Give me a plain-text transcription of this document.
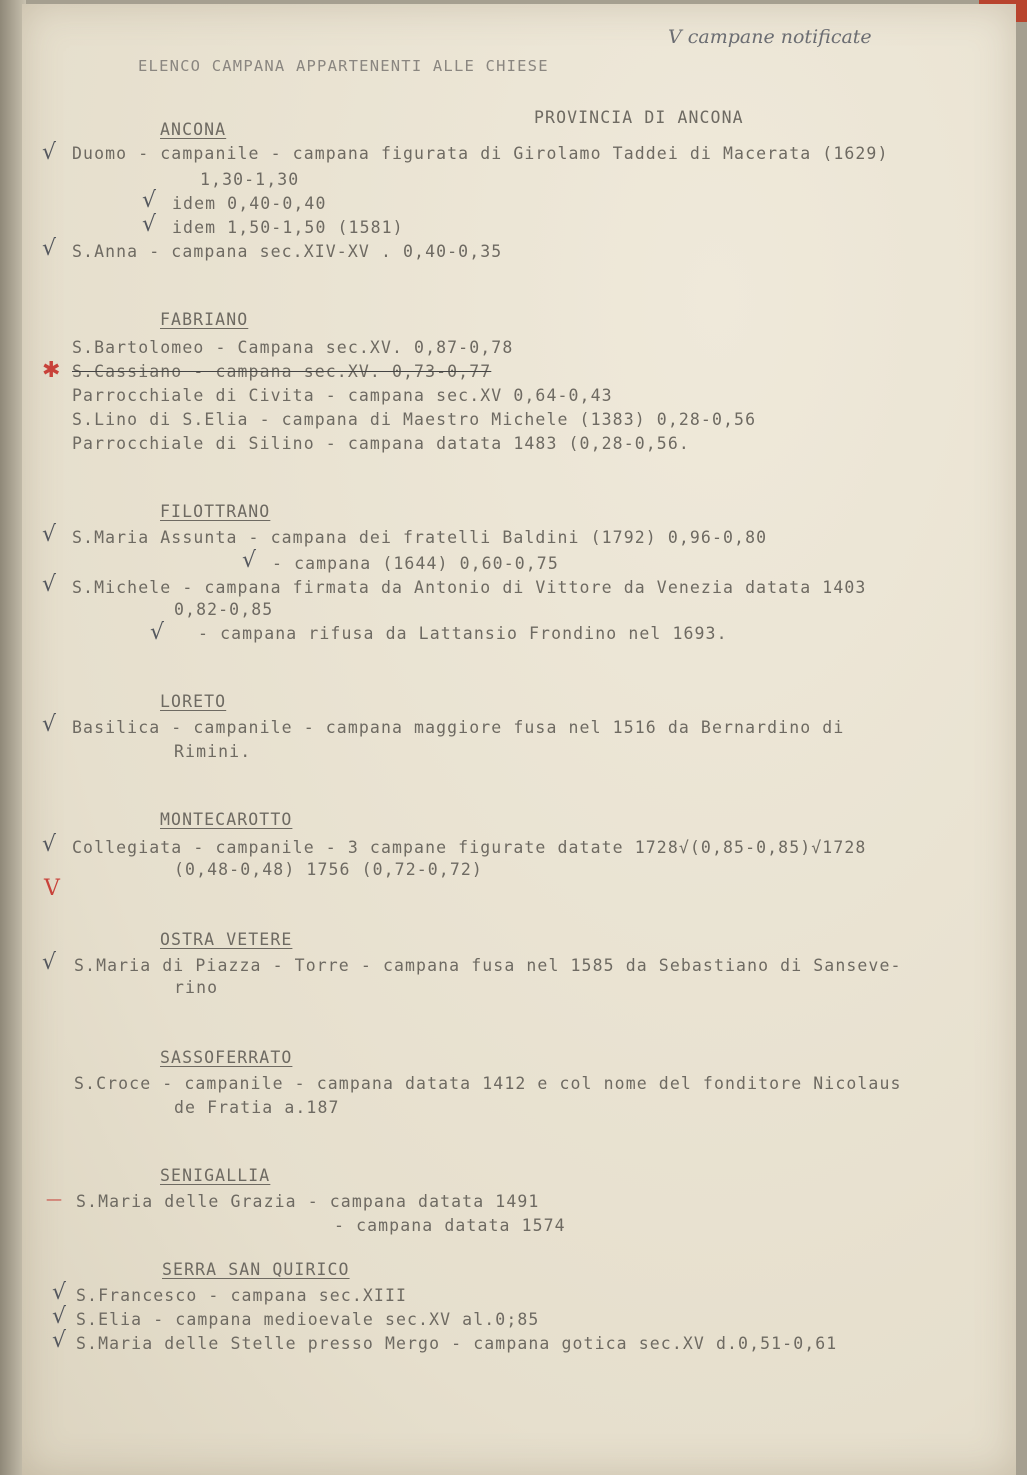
V campane notificate
ELENCO CAMPANA APPARTENENTI ALLE CHIESE
PROVINCIA DI ANCONA
ANCONA
√ Duomo - campanile - campana figurata di Girolamo Taddei di Macerata (1629)
1,30-1,30
√ idem 0,40-0,40
√ idem 1,50-1,50 (1581)
√ S.Anna - campana sec.XIV-XV . 0,40-0,35
FABRIANO
S.Bartolomeo - Campana sec.XV. 0,87-0,78
✱ S.Cassiano - campana sec.XV. 0,73-0,77
Parrocchiale di Civita - campana sec.XV 0,64-0,43
S.Lino di S.Elia - campana di Maestro Michele (1383) 0,28-0,56
Parrocchiale di Silino - campana datata 1483 (0,28-0,56.
FILOTTRANO
√ S.Maria Assunta - campana dei fratelli Baldini (1792) 0,96-0,80
√ - campana (1644) 0,60-0,75
√ S.Michele - campana firmata da Antonio di Vittore da Venezia datata 1403
0,82-0,85
√ - campana rifusa da Lattansio Frondino nel 1693.
LORETO
√ Basilica - campanile - campana maggiore fusa nel 1516 da Bernardino di
Rimini.
MONTECAROTTO
√ Collegiata - campanile - 3 campane figurate datate 1728√(0,85-0,85)√1728
(0,48-0,48) 1756 (0,72-0,72)
V
OSTRA VETERE
√ S.Maria di Piazza - Torre - campana fusa nel 1585 da Sebastiano di Sanseve-
rino
SASSOFERRATO
S.Croce - campanile - campana datata 1412 e col nome del fonditore Nicolaus
de Fratia a.187
SENIGALLIA
— S.Maria delle Grazia - campana datata 1491
- campana datata 1574
SERRA SAN QUIRICO
√ S.Francesco - campana sec.XIII
√ S.Elia - campana medioevale sec.XV al.0;85
√ S.Maria delle Stelle presso Mergo - campana gotica sec.XV d.0,51-0,61
